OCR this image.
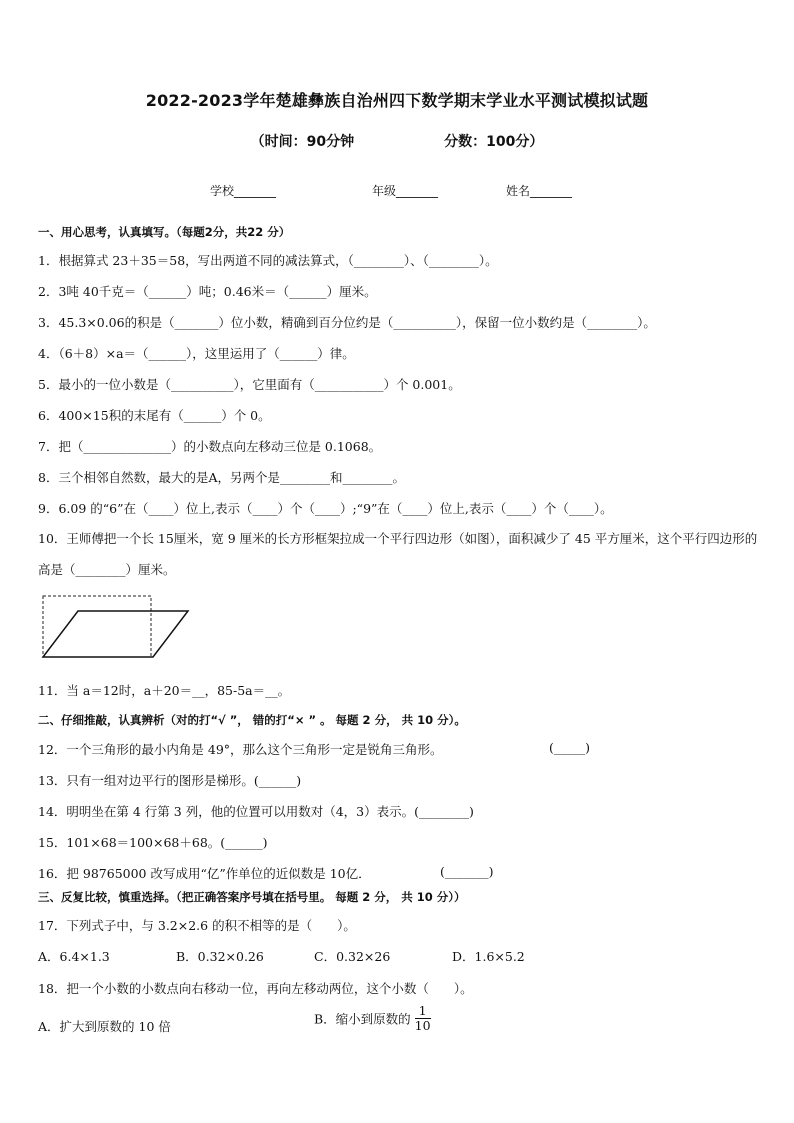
2022-2023学年楚雄彝族自治州四下数学期末学业水平测试模拟试题
（时间：90分钟	分数：100分）
学校_______	年级_______	姓名_______
一、用心思考，认真填写。（每题2分，共22 分）
1．根据算式 23＋35＝58，写出两道不同的减法算式，（________）、（________）。
2．3吨 40千克＝（______）吨；0.46米＝（______）厘米。
3．45.3×0.06的积是（_______）位小数，精确到百分位约是（__________），保留一位小数约是（________）。
4．（6＋8）×a＝（______），这里运用了（______）律。
5．最小的一位小数是（__________），它里面有（___________）个 0.001。
6．400×15积的末尾有（______）个 0。
7．把（______________）的小数点向左移动三位是 0.1068。
8．三个相邻自然数，最大的是A，另两个是________和________。
9．6.09 的“6”在（____）位上,表示（____）个（____）;“9”在（____）位上,表示（____）个（____）。
10．王师傅把一个长 15厘米，宽 9 厘米的长方形框架拉成一个平行四边形（如图），面积减少了 45 平方厘米，这个平行四边形的高是（________）厘米。
11．当 a＝12时，a＋20＝__，85-5a＝__。
二、仔细推敲，认真辨析（对的打“√ ”， 错的打“× ” 。 每题 2 分， 共 10 分）。
12．一个三角形的最小内角是 49°，那么这个三角形一定是锐角三角形。	(_____)
13．只有一组对边平行的图形是梯形。(______)
14．明明坐在第 4 行第 3 列，他的位置可以用数对（4，3）表示。(________)
15．101×68＝100×68＋68。(______)
16．把 98765000 改写成用“亿”作单位的近似数是 10亿．	(_______)
三、反复比较，慎重选择。（把正确答案序号填在括号里。 每题 2 分， 共 10 分））
17．下列式子中，与 3.2×2.6 的积不相等的是（　　）。
A．6.4×1.3	B．0.32×0.26	C．0.32×26	D．1.6×5.2
18．把一个小数的小数点向右移动一位，再向左移动两位，这个小数（　　）。
A．扩大到原数的 10 倍	B．缩小到原数的 $\frac{1}{10}$
